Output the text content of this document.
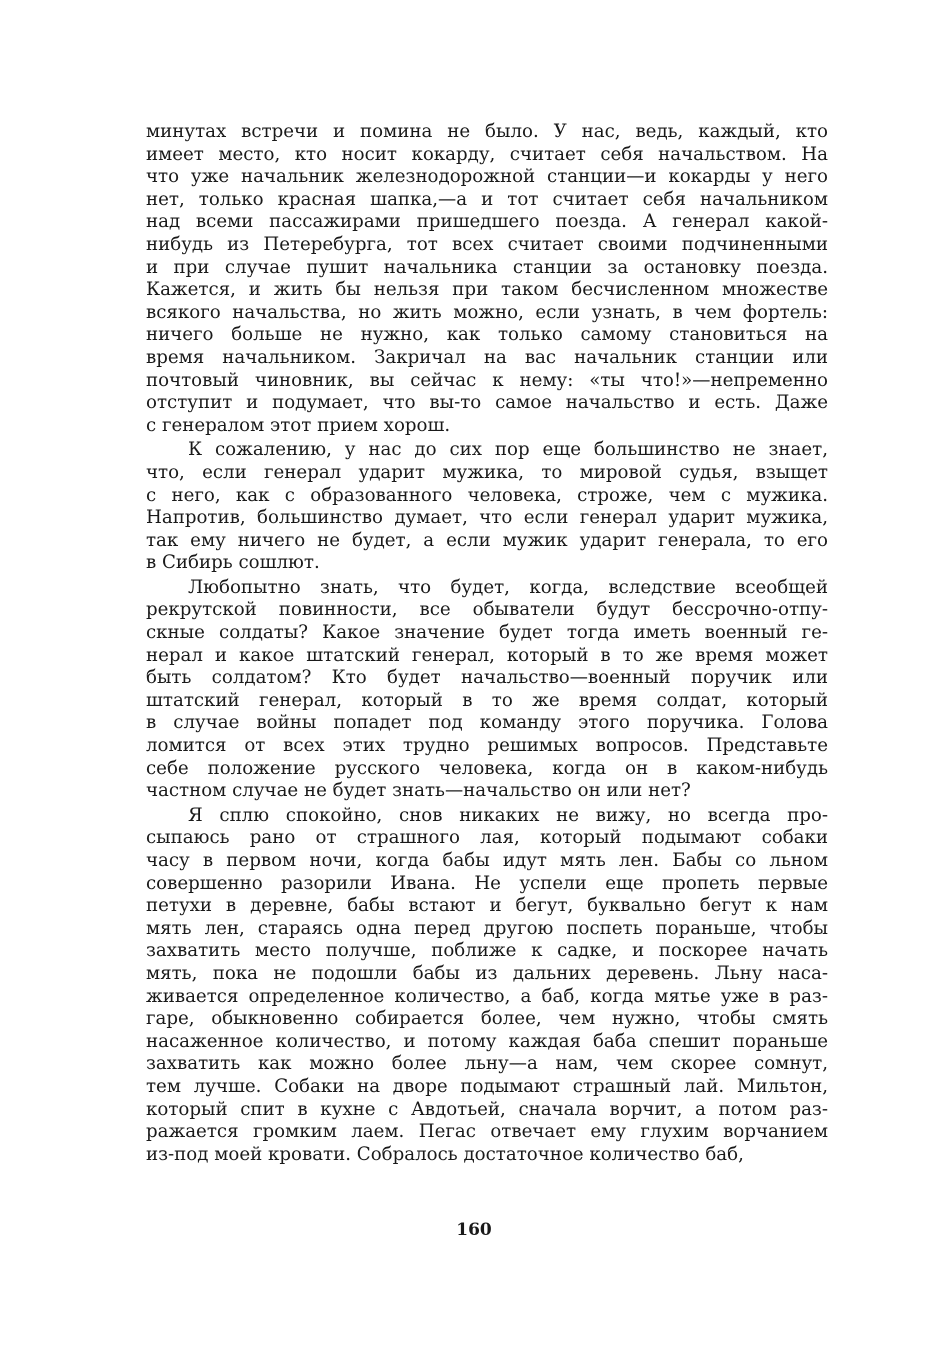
минутах встречи и помина не было. У нас, ведь, каждый, кто
имеет место, кто носит кокарду, считает себя начальством. На
что уже начальник железнодорожной станции—и кокарды у него
нет, только красная шапка,—а и тот считает себя начальником
над всеми пассажирами пришедшего поезда. А генерал какой-
нибудь из Петеребурга, тот всех считает своими подчиненными
и при случае пушит начальника станции за остановку поезда.
Кажется, и жить бы нельзя при таком бесчисленном множестве
всякого начальства, но жить можно, если узнать, в чем фортель:
ничего больше не нужно, как только самому становиться на
время начальником. Закричал на вас начальник станции или
почтовый чиновник, вы сейчас к нему: «ты что!»—непременно
отступит и подумает, что вы-то самое начальство и есть. Даже
с генералом этот прием хорош.
К сожалению, у нас до сих пор еще большинство не знает,
что, если генерал ударит мужика, то мировой судья, взыщет
с него, как с образованного человека, строже, чем с мужика.
Напротив, большинство думает, что если генерал ударит мужика,
так ему ничего не будет, а если мужик ударит генерала, то его
в Сибирь сошлют.
Любопытно знать, что будет, когда, вследствие всеобщей
рекрутской повинности, все обыватели будут бессрочно-отпу-
скные солдаты? Какое значение будет тогда иметь военный ге-
нерал и какое штатский генерал, который в то же время может
быть солдатом? Кто будет начальство—военный поручик или
штатский генерал, который в то же время солдат, который
в случае войны попадет под команду этого поручика. Голова
ломится от всех этих трудно решимых вопросов. Представьте
себе положение русского человека, когда он в каком-нибудь
частном случае не будет знать—начальство он или нет?
Я сплю спокойно, снов никаких не вижу, но всегда про-
сыпаюсь рано от страшного лая, который подымают собаки
часу в первом ночи, когда бабы идут мять лен. Бабы со льном
совершенно разорили Ивана. Не успели еще пропеть первые
петухи в деревне, бабы встают и бегут, буквально бегут к нам
мять лен, стараясь одна перед другою поспеть пораньше, чтобы
захватить место получше, поближе к садке, и поскорее начать
мять, пока не подошли бабы из дальних деревень. Льну наса-
живается определенное количество, а баб, когда мятье уже в раз-
гаре, обыкновенно собирается более, чем нужно, чтобы смять
насаженное количество, и потому каждая баба спешит пораньше
захватить как можно более льну—а нам, чем скорее сомнут,
тем лучше. Собаки на дворе подымают страшный лай. Мильтон,
который спит в кухне с Авдотьей, сначала ворчит, а потом раз-
ражается громким лаем. Пегас отвечает ему глухим ворчанием
из-под моей кровати. Собралось достаточное количество баб,
160
